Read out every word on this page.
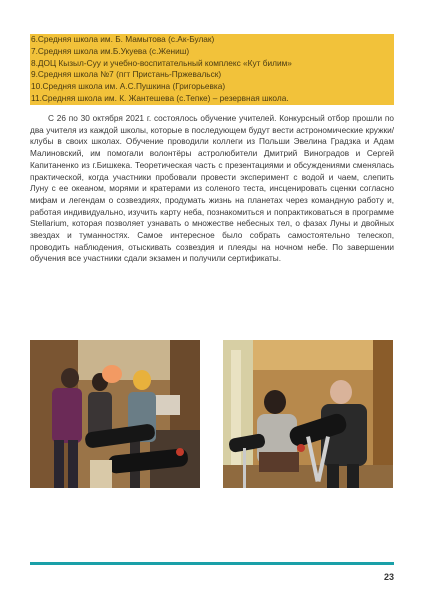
6.Средняя школа им. Б. Мамытова (с.Ак-Булак)
7.Средняя школа им.Б.Укуева (с.Жениш)
8.ДОЦ Кызыл-Суу и учебно-воспитательный комплекс «Кут билим»
9.Средняя школа №7 (пгт Пристань-Пржевальск)
10.Средняя школа им. А.С.Пушкина (Григорьевка)
11.Средняя школа им. К. Жантешева (с.Тепке) – резервная школа.

С 26 по 30 октября 2021 г. состоялось обучение учителей. Конкурсный отбор прошли по два учителя из каждой школы, которые в последующем будут вести астрономические кружки/клубы в своих школах. Обучение проводили коллеги из Польши Эвелина Градзка и Адам Малиновский, им помогали волонтёры астролюбители Дмитрий Виноградов и Сергей Капитаненко из г.Бишкека. Теоретическая часть с презентациями и обсуждениями сменялась практической, когда участники пробовали провести эксперимент с водой и чаем, слепить Луну с ее океаном, морями и кратерами из соленого теста, инсценировать сценки согласно мифам и легендам о созвездиях, продумать жизнь на планетах через командную работу и, работая индивидуально, изучить карту неба, познакомиться и попрактиковаться в программе Stellarium, которая позволяет узнавать о множестве небесных тел, о фазах Луны и двойных звездах и туманностях. Самое интересное было собрать самостоятельно телескоп, проводить наблюдения, отыскивать созвездия и плеяды на ночном небе. По завершении обучения все участники сдали экзамен и получили сертификаты.

23
